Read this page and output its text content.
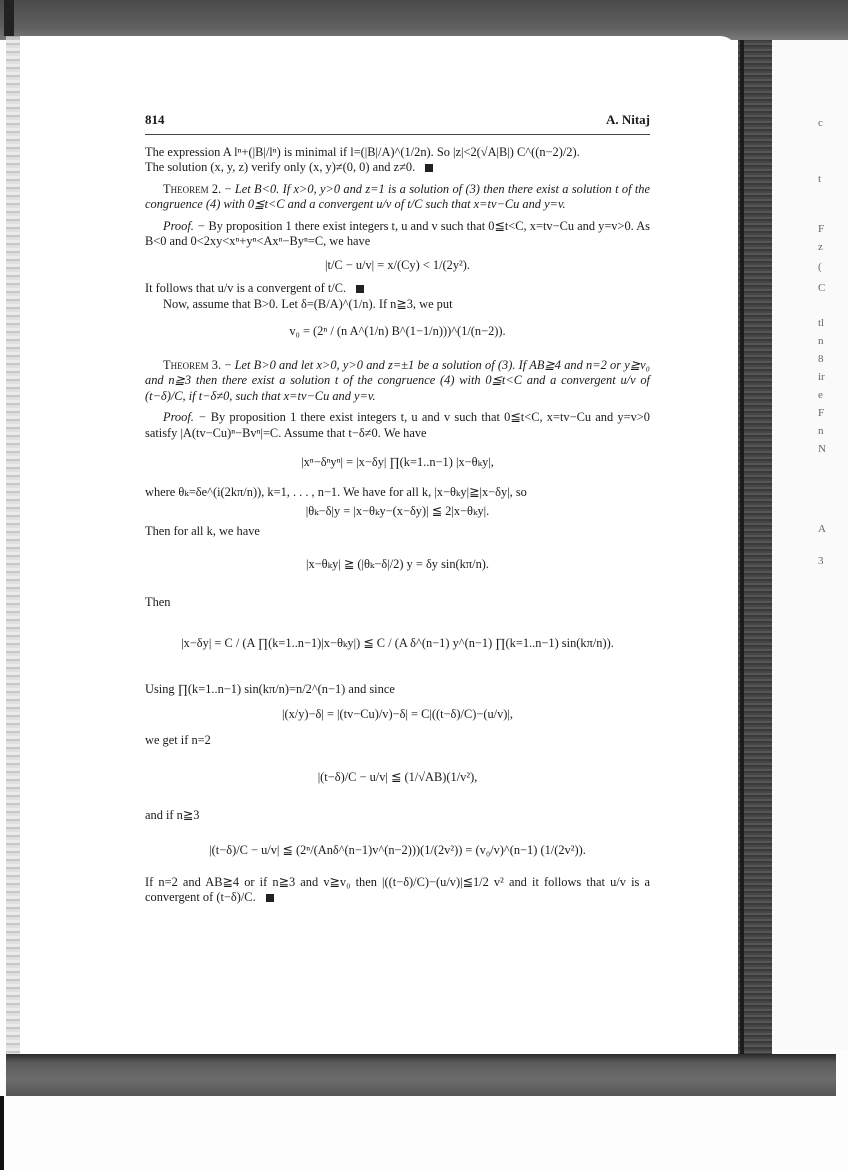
c
t
F
z
(
C
tl
n
8
ir
e
F
n
N
A
3
814	A. Nitaj

The expression A lⁿ+(|B|/lⁿ) is minimal if l=(|B|/A)^(1/2n). So |z|<2(√A|B|) C^((n−2)/2).

The solution (x, y, z) verify only (x, y)≠(0, 0) and z≠0.

Theorem 2. − Let B<0. If x>0, y>0 and z=1 is a solution of (3) then there exist a solution t of the congruence (4) with 0≦t<C and a convergent u/v of t/C such that x=tv−Cu and y=v.

Proof. − By proposition 1 there exist integers t, u and v such that 0≦t<C, x=tv−Cu and y=v>0. As B<0 and 0<2xy<xⁿ+yⁿ<Axⁿ−Byⁿ=C, we have

|t/C − u/v| = x/(Cy) < 1/(2y²).

It follows that u/v is a convergent of t/C.

Now, assume that B>0. Let δ=(B/A)^(1/n). If n≧3, we put

v₀ = (2ⁿ / (n A^(1/n) B^(1−1/n)))^(1/(n−2)).

Theorem 3. − Let B>0 and let x>0, y>0 and z=±1 be a solution of (3). If AB≧4 and n=2 or y≧v₀ and n≧3 then there exist a solution t of the congruence (4) with 0≦t<C and a convergent u/v of (t−δ)/C, if t−δ≠0, such that x=tv−Cu and y=v.

Proof. − By proposition 1 there exist integers t, u and v such that 0≦t<C, x=tv−Cu and y=v>0 satisfy |A(tv−Cu)ⁿ−Bvⁿ|=C. Assume that t−δ≠0. We have

|xⁿ−δⁿyⁿ| = |x−δy| ∏(k=1..n−1) |x−θₖy|,

where θₖ=δe^(i(2kπ/n)), k=1, . . . , n−1. We have for all k, |x−θₖy|≧|x−δy|, so

|θₖ−δ|y = |x−θₖy−(x−δy)| ≦ 2|x−θₖy|.

Then for all k, we have

|x−θₖy| ≧ (|θₖ−δ|/2) y = δy sin(kπ/n).

Then

|x−δy| = C / (A ∏(k=1..n−1)|x−θₖy|) ≦ C / (A δ^(n−1) y^(n−1) ∏(k=1..n−1) sin(kπ/n)).

Using ∏(k=1..n−1) sin(kπ/n)=n/2^(n−1) and since

|(x/y)−δ| = |(tv−Cu)/v)−δ| = C|((t−δ)/C)−(u/v)|,

we get if n=2

|(t−δ)/C − u/v| ≦ (1/√AB)(1/v²),

and if n≧3

|(t−δ)/C − u/v| ≦ (2ⁿ/(Anδ^(n−1)v^(n−2)))(1/(2v²)) = (v₀/v)^(n−1) (1/(2v²)).

If n=2 and AB≧4 or if n≧3 and v≧v₀ then |((t−δ)/C)−(u/v)|≦1/2 v² and it follows that u/v is a convergent of (t−δ)/C.
